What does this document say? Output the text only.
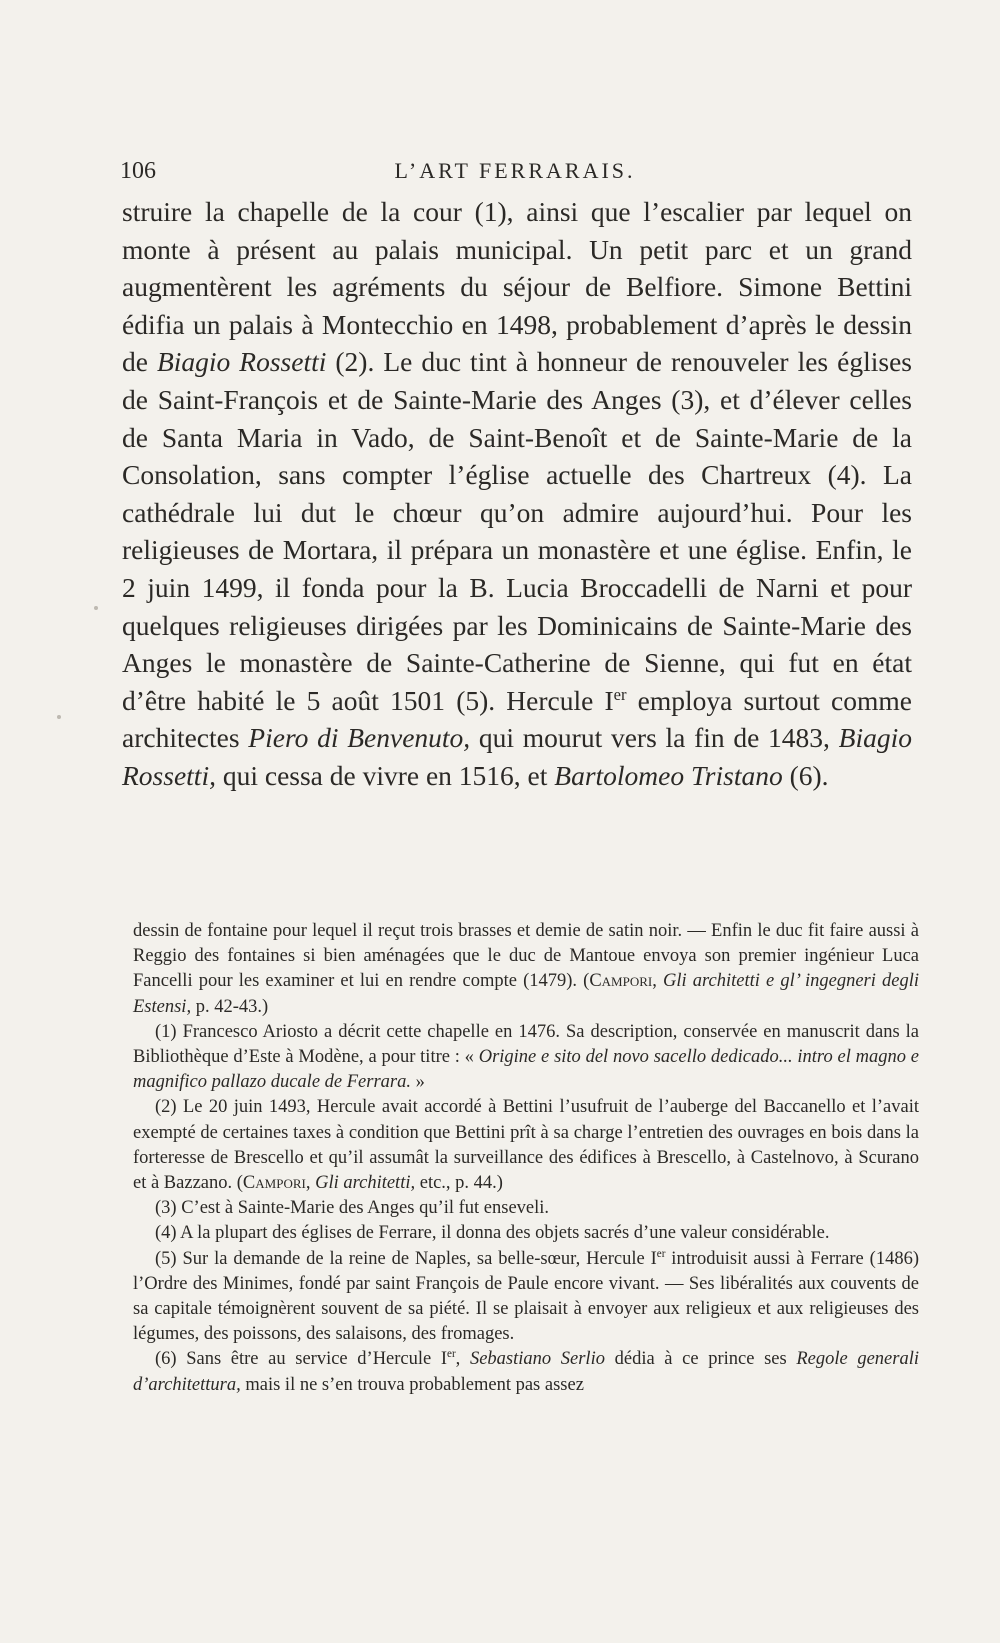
106	L’ART FERRARAIS.

struire la chapelle de la cour (1), ainsi que l’escalier par lequel on monte à présent au palais municipal. Un petit parc et un grand augmentèrent les agréments du séjour de Belfiore. Simone Bettini édifia un palais à Montecchio en 1498, probablement d’après le dessin de Biagio Rossetti (2). Le duc tint à honneur de renouveler les églises de Saint-François et de Sainte-Marie des Anges (3), et d’élever celles de Santa Maria in Vado, de Saint-Benoît et de Sainte-Marie de la Consolation, sans compter l’église actuelle des Chartreux (4). La cathédrale lui dut le chœur qu’on admire aujourd’hui. Pour les religieuses de Mortara, il prépara un monastère et une église. Enfin, le 2 juin 1499, il fonda pour la B. Lucia Broccadelli de Narni et pour quelques religieuses dirigées par les Dominicains de Sainte-Marie des Anges le monastère de Sainte-Catherine de Sienne, qui fut en état d’être habité le 5 août 1501 (5). Hercule Ier employa surtout comme architectes Piero di Benvenuto, qui mourut vers la fin de 1483, Biagio Rossetti, qui cessa de vivre en 1516, et Bartolomeo Tristano (6).

dessin de fontaine pour lequel il reçut trois brasses et demie de satin noir. — Enfin le duc fit faire aussi à Reggio des fontaines si bien aménagées que le duc de Mantoue envoya son premier ingénieur Luca Fancelli pour les examiner et lui en rendre compte (1479). (Campori, Gli architetti e gl’ ingegneri degli Estensi, p. 42-43.)

(1) Francesco Ariosto a décrit cette chapelle en 1476. Sa description, conservée en manuscrit dans la Bibliothèque d’Este à Modène, a pour titre : « Origine e sito del novo sacello dedicado... intro el magno e magnifico pallazo ducale de Ferrara. »

(2) Le 20 juin 1493, Hercule avait accordé à Bettini l’usufruit de l’auberge del Baccanello et l’avait exempté de certaines taxes à condition que Bettini prît à sa charge l’entretien des ouvrages en bois dans la forteresse de Brescello et qu’il assumât la surveillance des édifices à Brescello, à Castelnovo, à Scurano et à Bazzano. (Campori, Gli architetti, etc., p. 44.)

(3) C’est à Sainte-Marie des Anges qu’il fut enseveli.

(4) A la plupart des églises de Ferrare, il donna des objets sacrés d’une valeur considérable.

(5) Sur la demande de la reine de Naples, sa belle-sœur, Hercule Ier introduisit aussi à Ferrare (1486) l’Ordre des Minimes, fondé par saint François de Paule encore vivant. — Ses libéralités aux couvents de sa capitale témoignèrent souvent de sa piété. Il se plaisait à envoyer aux religieux et aux religieuses des légumes, des poissons, des salaisons, des fromages.

(6) Sans être au service d’Hercule Ier, Sebastiano Serlio dédia à ce prince ses Regole generali d’architettura, mais il ne s’en trouva probablement pas assez
